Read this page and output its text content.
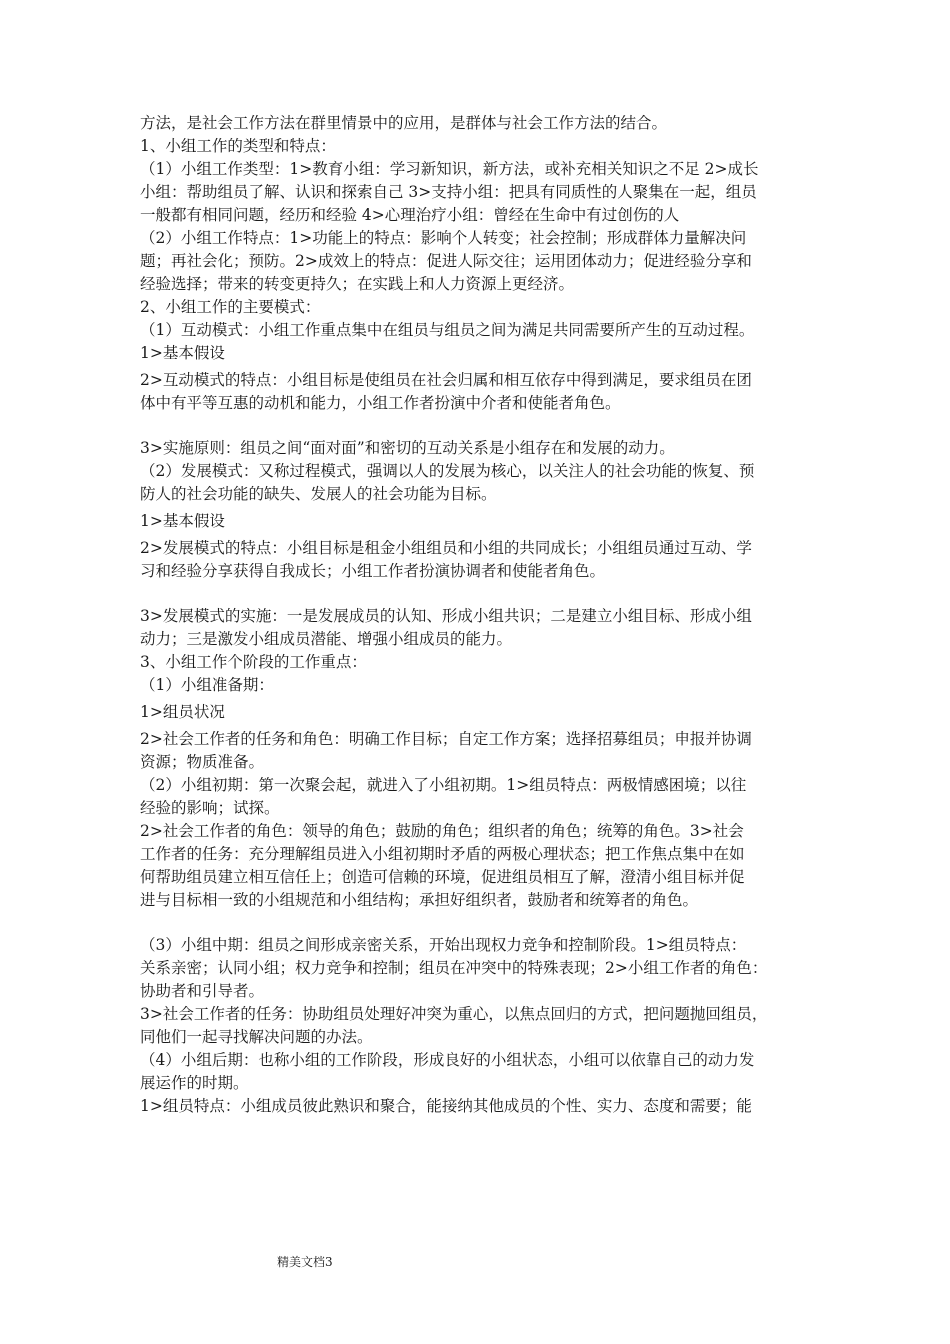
方法，是社会工作方法在群里情景中的应用，是群体与社会工作方法的结合。
1、小组工作的类型和特点：
（1）小组工作类型：1>教育小组：学习新知识，新方法，或补充相关知识之不足 2>成长
小组：帮助组员了解、认识和探索自己 3>支持小组：把具有同质性的人聚集在一起，组员
一般都有相同问题，经历和经验 4>心理治疗小组：曾经在生命中有过创伤的人
（2）小组工作特点：1>功能上的特点：影响个人转变；社会控制；形成群体力量解决问
题；再社会化；预防。2>成效上的特点：促进人际交往；运用团体动力；促进经验分享和
经验选择；带来的转变更持久；在实践上和人力资源上更经济。
2、小组工作的主要模式：
（1）互动模式：小组工作重点集中在组员与组员之间为满足共同需要所产生的互动过程。
1>基本假设
2>互动模式的特点：小组目标是使组员在社会归属和相互依存中得到满足，要求组员在团
体中有平等互惠的动机和能力，小组工作者扮演中介者和使能者角色。
3>实施原则：组员之间“面对面”和密切的互动关系是小组存在和发展的动力。
（2）发展模式：又称过程模式，强调以人的发展为核心，以关注人的社会功能的恢复、预
防人的社会功能的缺失、发展人的社会功能为目标。
1>基本假设
2>发展模式的特点：小组目标是租金小组组员和小组的共同成长；小组组员通过互动、学
习和经验分享获得自我成长；小组工作者扮演协调者和使能者角色。
3>发展模式的实施：一是发展成员的认知、形成小组共识；二是建立小组目标、形成小组
动力；三是激发小组成员潜能、增强小组成员的能力。
3、小组工作个阶段的工作重点：
（1）小组准备期：
1>组员状况
2>社会工作者的任务和角色：明确工作目标；自定工作方案；选择招募组员；申报并协调
资源；物质准备。
（2）小组初期：第一次聚会起，就进入了小组初期。1>组员特点：两极情感困境；以往
经验的影响；试探。
2>社会工作者的角色：领导的角色；鼓励的角色；组织者的角色；统筹的角色。3>社会
工作者的任务：充分理解组员进入小组初期时矛盾的两极心理状态；把工作焦点集中在如
何帮助组员建立相互信任上；创造可信赖的环境，促进组员相互了解，澄清小组目标并促
进与目标相一致的小组规范和小组结构；承担好组织者，鼓励者和统筹者的角色。
（3）小组中期：组员之间形成亲密关系，开始出现权力竞争和控制阶段。1>组员特点：
关系亲密；认同小组；权力竞争和控制；组员在冲突中的特殊表现；2>小组工作者的角色：
协助者和引导者。
3>社会工作者的任务：协助组员处理好冲突为重心，以焦点回归的方式，把问题抛回组员，
同他们一起寻找解决问题的办法。
（4）小组后期：也称小组的工作阶段，形成良好的小组状态，小组可以依靠自己的动力发
展运作的时期。
1>组员特点：小组成员彼此熟识和聚合，能接纳其他成员的个性、实力、态度和需要；能
精美文档3
